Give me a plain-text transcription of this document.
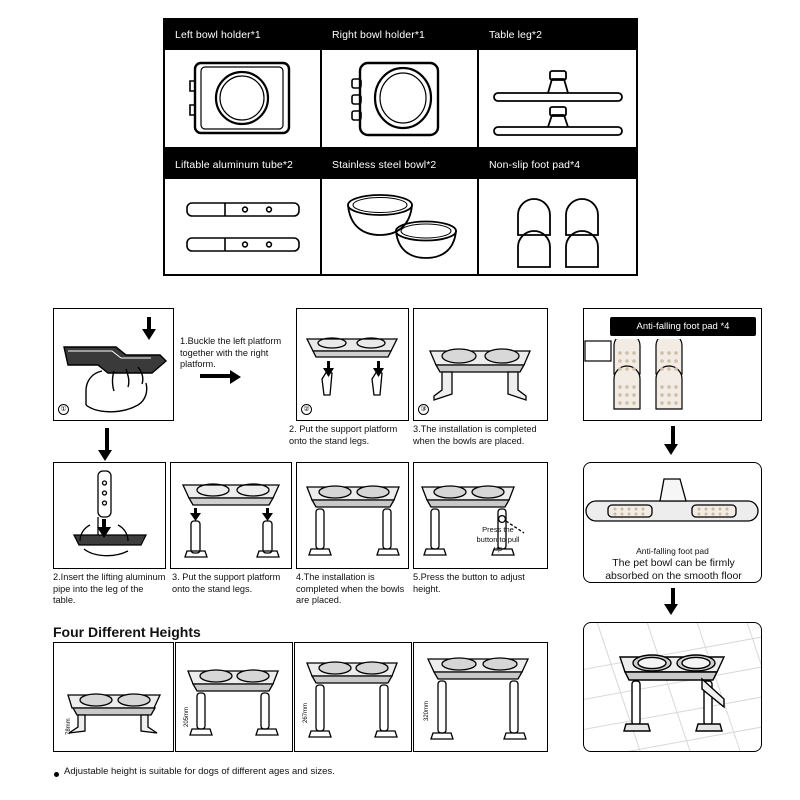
Left bowl holder*1	Right bowl holder*1	Table leg*2
Liftable aluminum tube*2	Stainless steel bowl*2	Non-slip foot pad*4
①
1.Buckle the left platform together with the right platform.
②
2. Put the support platform onto the stand legs.
③
3.The installation is completed when the bowls are placed.
2.Insert the lifting aluminum pipe into the leg of the table.
3. Put the support platform onto the stand legs.
4.The installation is completed when the bowls are placed.
Press the button to pull up
5.Press the button to adjust height.
Four Different Heights
78mm	205mm	267mm	320mm
Adjustable height is suitable for dogs of different ages and sizes.
Anti-falling foot pad *4
Anti-falling foot pad
The pet bowl can be firmly absorbed on the smooth floor
